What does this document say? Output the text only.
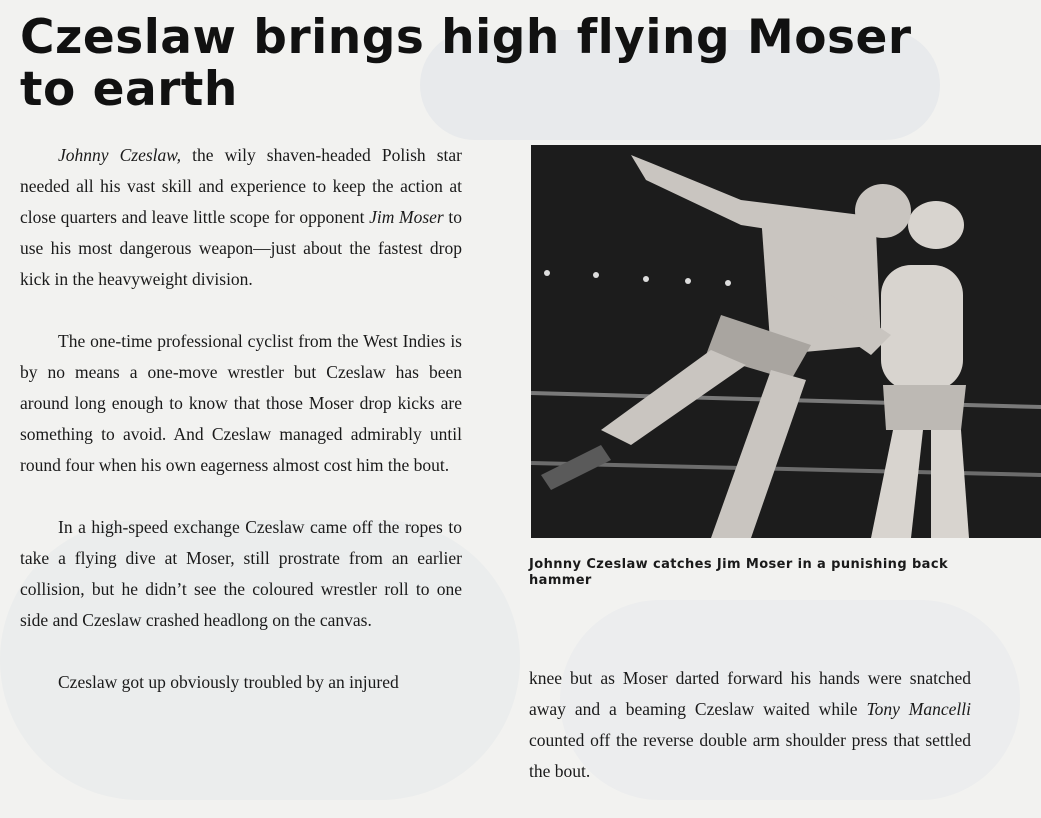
Czeslaw brings high flying Moser
to earth

Johnny Czeslaw, the wily shaven-headed Polish star needed all his vast skill and experience to keep the action at close quarters and leave little scope for opponent Jim Moser to use his most dangerous weapon—just about the fastest drop kick in the heavyweight division.

The one-time professional cyclist from the West Indies is by no means a one-move wrestler but Czeslaw has been around long enough to know that those Moser drop kicks are something to avoid. And Czeslaw managed admirably until round four when his own eagerness almost cost him the bout.

In a high-speed exchange Czeslaw came off the ropes to take a flying dive at Moser, still prostrate from an earlier collision, but he didn’t see the coloured wrestler roll to one side and Czeslaw crashed headlong on the canvas.

Czeslaw got up obviously troubled by an injured

Johnny Czeslaw catches Jim Moser in a punishing back hammer

knee but as Moser darted forward his hands were snatched away and a beaming Czeslaw waited while Tony Mancelli counted off the reverse double arm shoulder press that settled the bout.
